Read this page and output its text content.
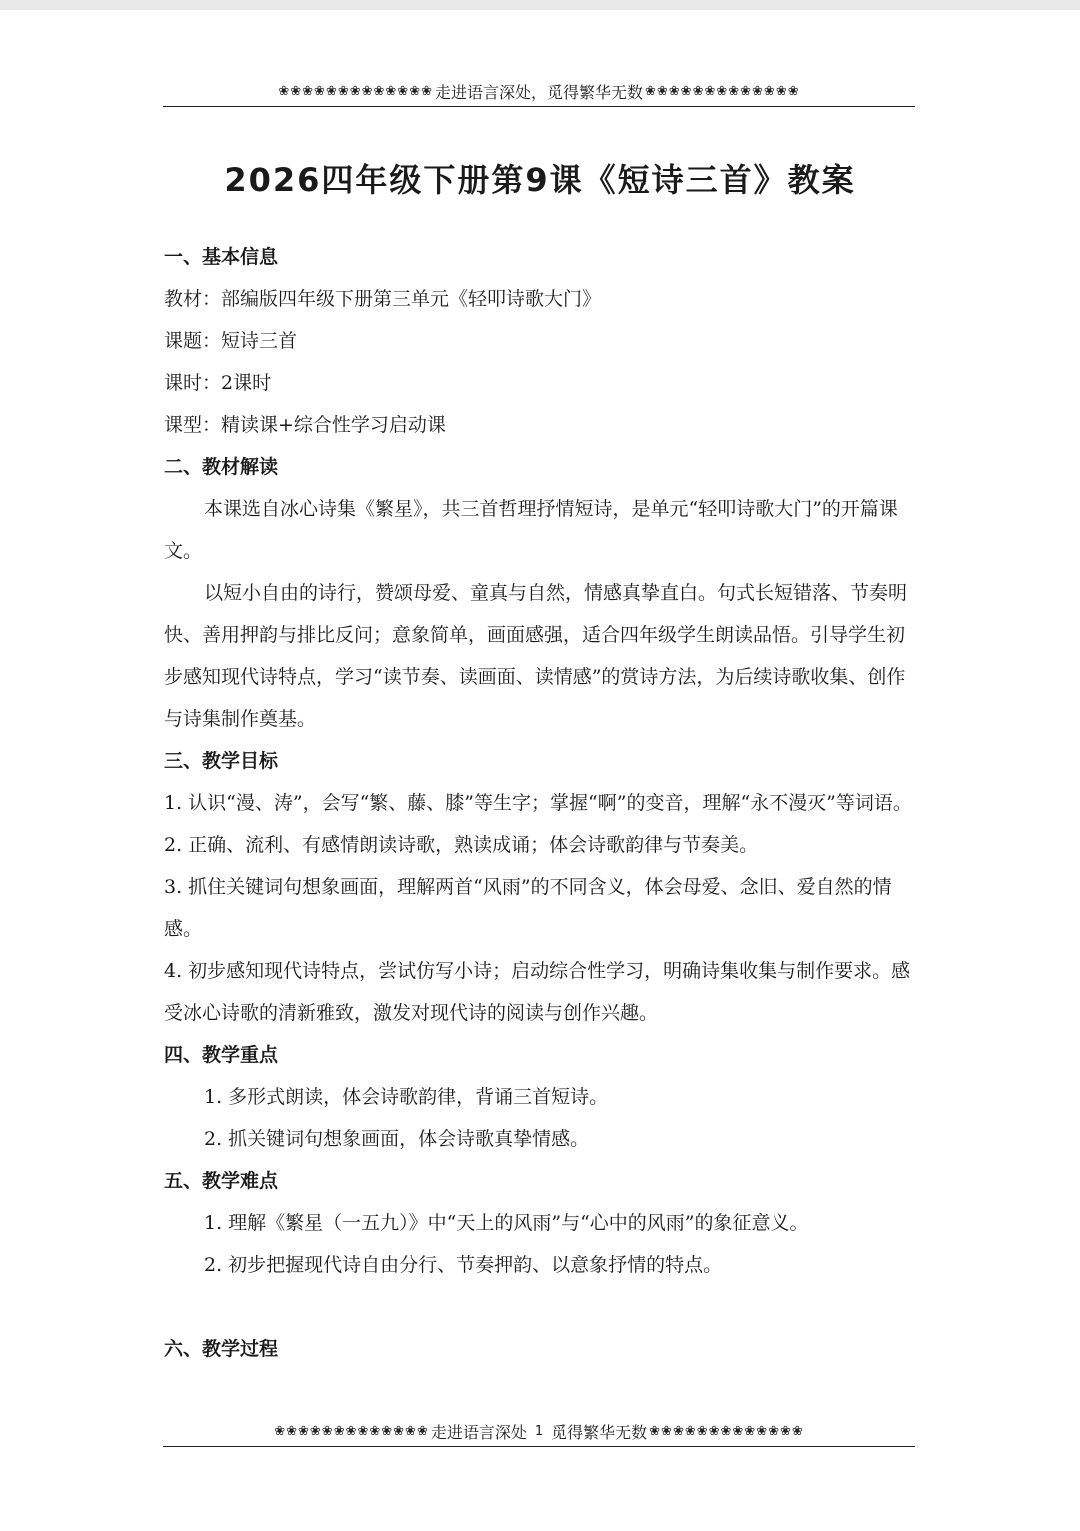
❀❀❀❀❀❀❀❀❀❀❀❀❀ 走进语言深处，觅得繁华无数 ❀❀❀❀❀❀❀❀❀❀❀❀❀
2026四年级下册第9课《短诗三首》教案

一、基本信息

教材：部编版四年级下册第三单元《轻叩诗歌大门》

课题：短诗三首

课时：2课时

课型：精读课+综合性学习启动课

二、教材解读

本课选自冰心诗集《繁星》，共三首哲理抒情短诗，是单元“轻叩诗歌大门”的开篇课文。

以短小自由的诗行，赞颂母爱、童真与自然，情感真挚直白。句式长短错落、节奏明快、善用押韵与排比反问；意象简单，画面感强，适合四年级学生朗读品悟。引导学生初步感知现代诗特点，学习“读节奏、读画面、读情感”的赏诗方法，为后续诗歌收集、创作与诗集制作奠基。

三、教学目标

1. 认识“漫、涛”，会写“繁、藤、膝”等生字；掌握“啊”的变音，理解“永不漫灭”等词语。

2. 正确、流利、有感情朗读诗歌，熟读成诵；体会诗歌韵律与节奏美。

3. 抓住关键词句想象画面，理解两首“风雨”的不同含义，体会母爱、念旧、爱自然的情感。

4. 初步感知现代诗特点，尝试仿写小诗；启动综合性学习，明确诗集收集与制作要求。感受冰心诗歌的清新雅致，激发对现代诗的阅读与创作兴趣。

四、教学重点

1. 多形式朗读，体会诗歌韵律，背诵三首短诗。

2. 抓关键词句想象画面，体会诗歌真挚情感。

五、教学难点

1. 理解《繁星（一五九）》中“天上的风雨”与“心中的风雨”的象征意义。

2. 初步把握现代诗自由分行、节奏押韵、以意象抒情的特点。

六、教学过程

❀❀❀❀❀❀❀❀❀❀❀❀❀ 走进语言深处 1 觅得繁华无数 ❀❀❀❀❀❀❀❀❀❀❀❀❀
